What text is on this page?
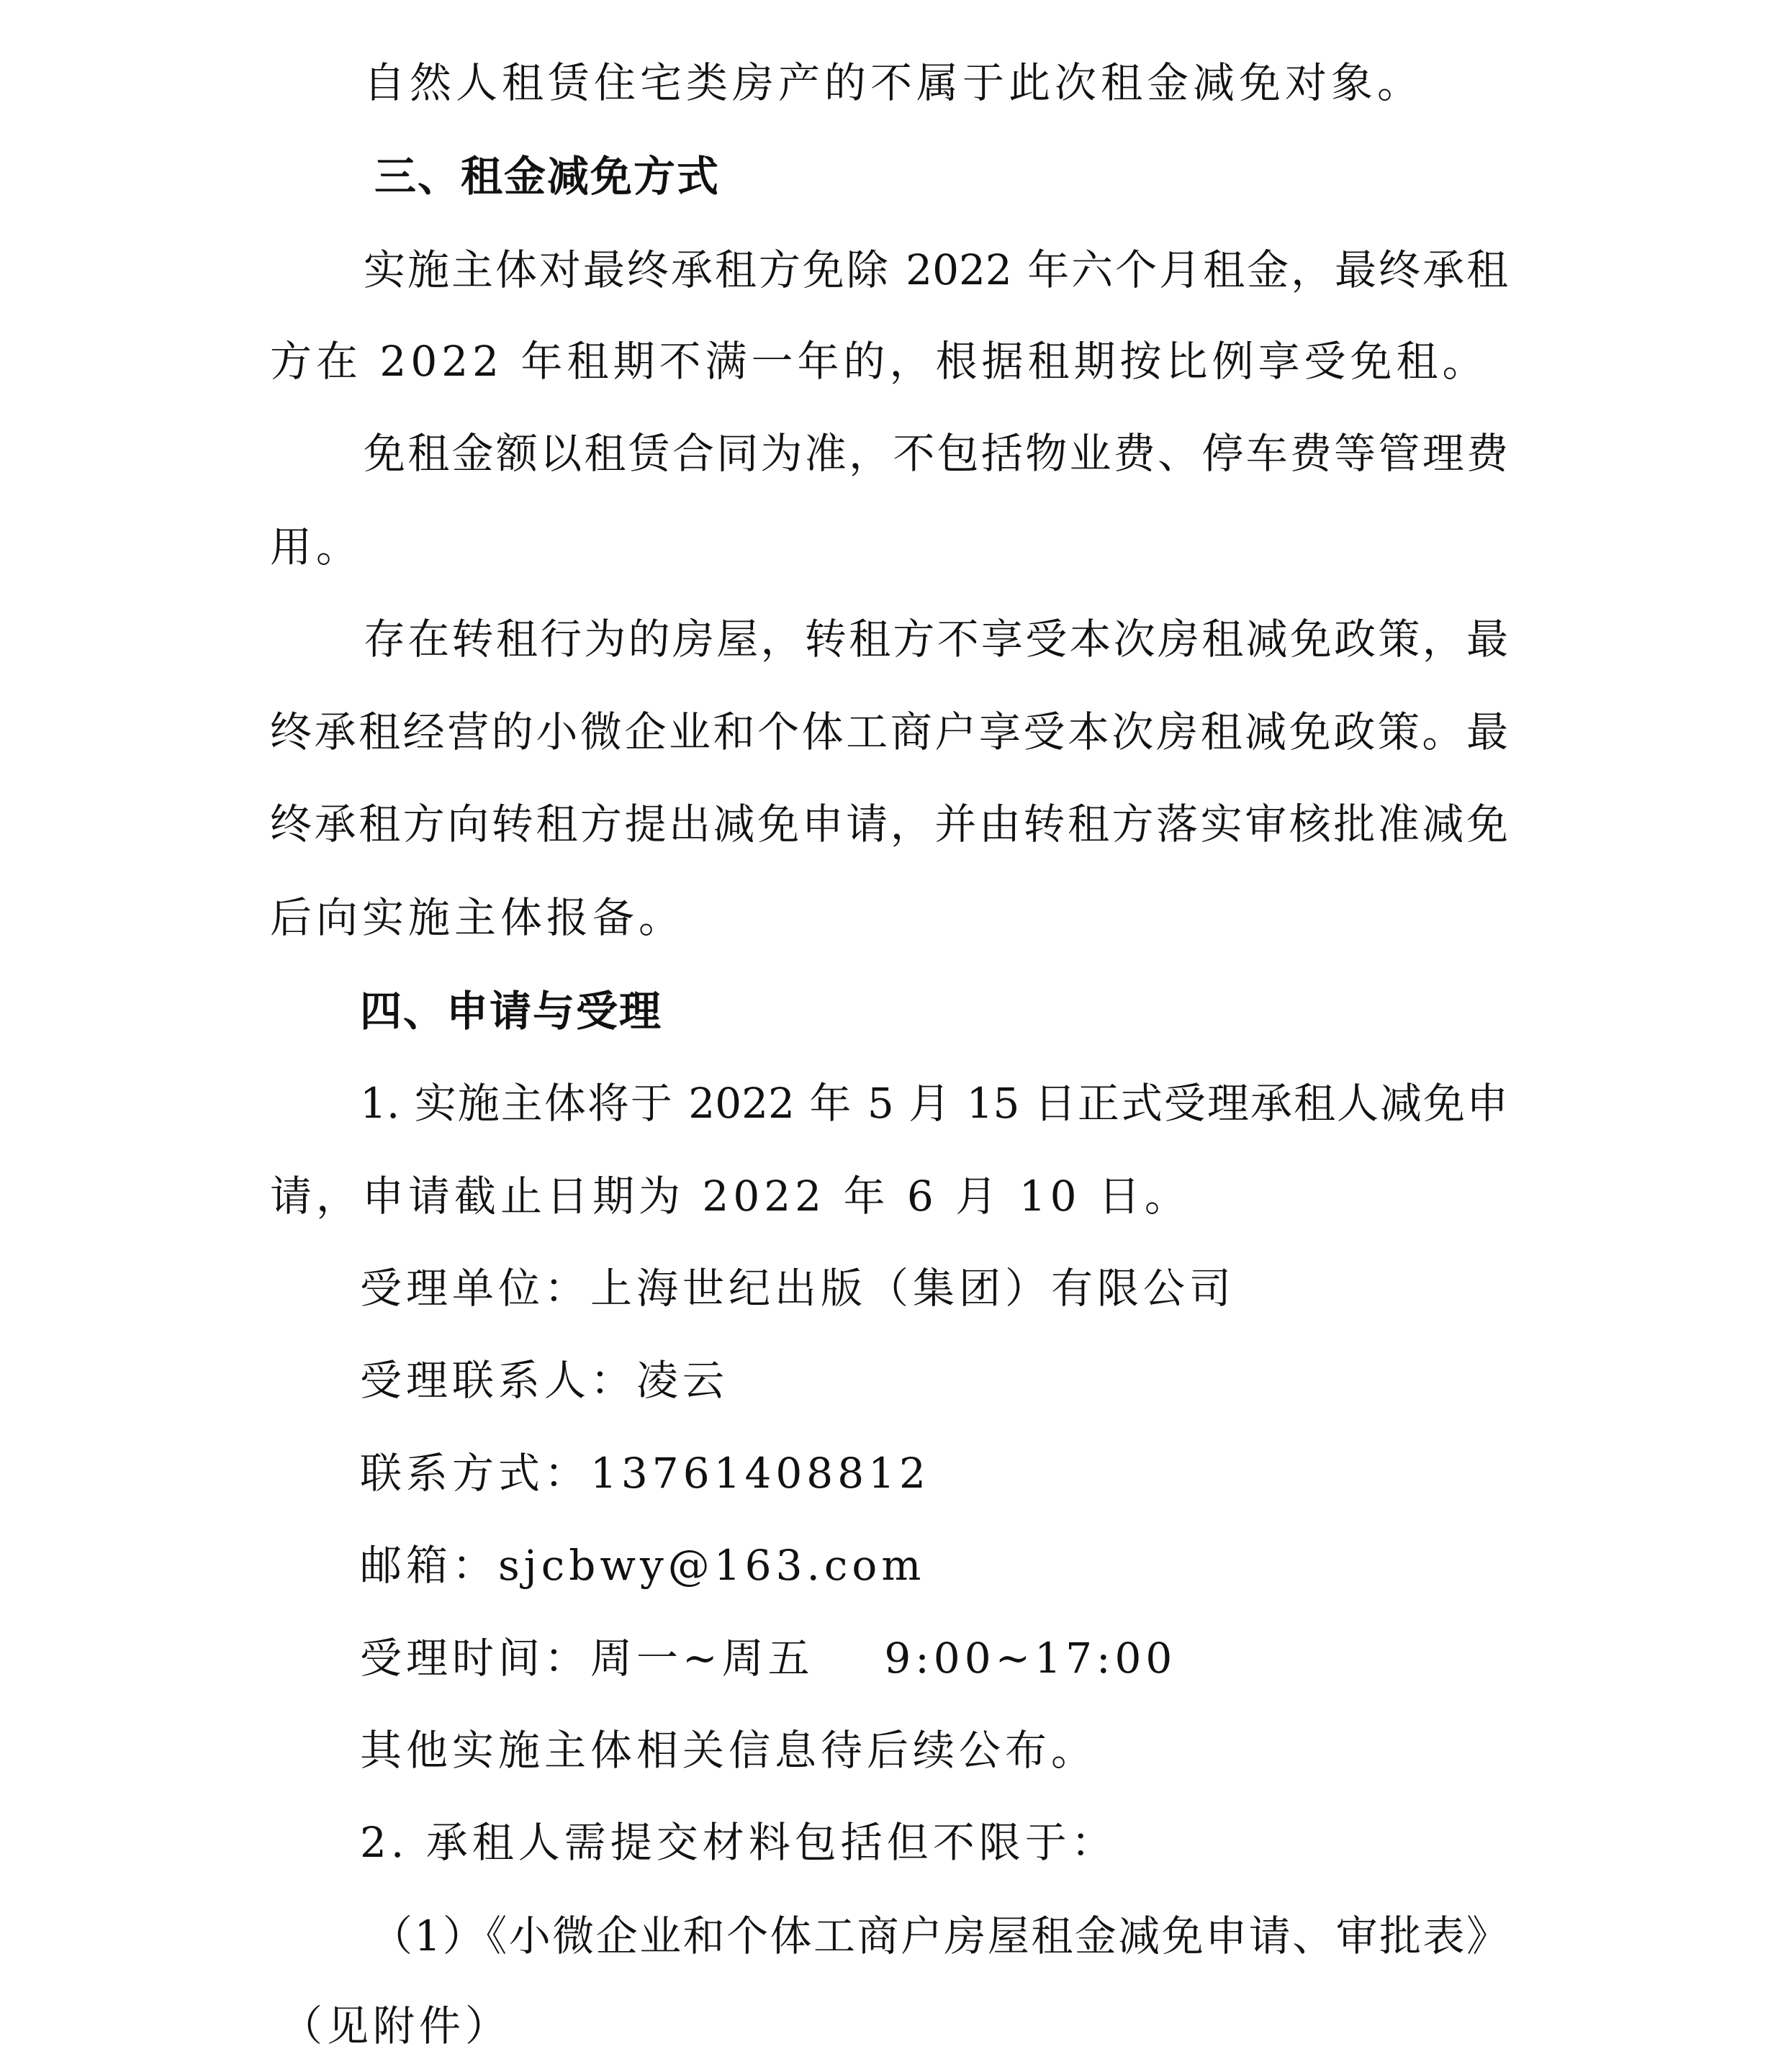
自然人租赁住宅类房产的不属于此次租金减免对象。
三、租金减免方式
实施主体对最终承租方免除 2022 年六个月租金，最终承租
方在 2022 年租期不满一年的，根据租期按比例享受免租。
免租金额以租赁合同为准，不包括物业费、停车费等管理费
用。
存在转租行为的房屋，转租方不享受本次房租减免政策，最
终承租经营的小微企业和个体工商户享受本次房租减免政策。最
终承租方向转租方提出减免申请，并由转租方落实审核批准减免
后向实施主体报备。
四、申请与受理
1. 实施主体将于 2022 年 5 月 15 日正式受理承租人减免申
请，申请截止日期为 2022 年 6 月 10 日。
受理单位：上海世纪出版（集团）有限公司
受理联系人：凌云
联系方式：13761408812
邮箱：sjcbwy@163.com
受理时间：周一~周五    9:00~17:00
其他实施主体相关信息待后续公布。
2. 承租人需提交材料包括但不限于：
（1）《小微企业和个体工商户房屋租金减免申请、审批表》
（见附件）
